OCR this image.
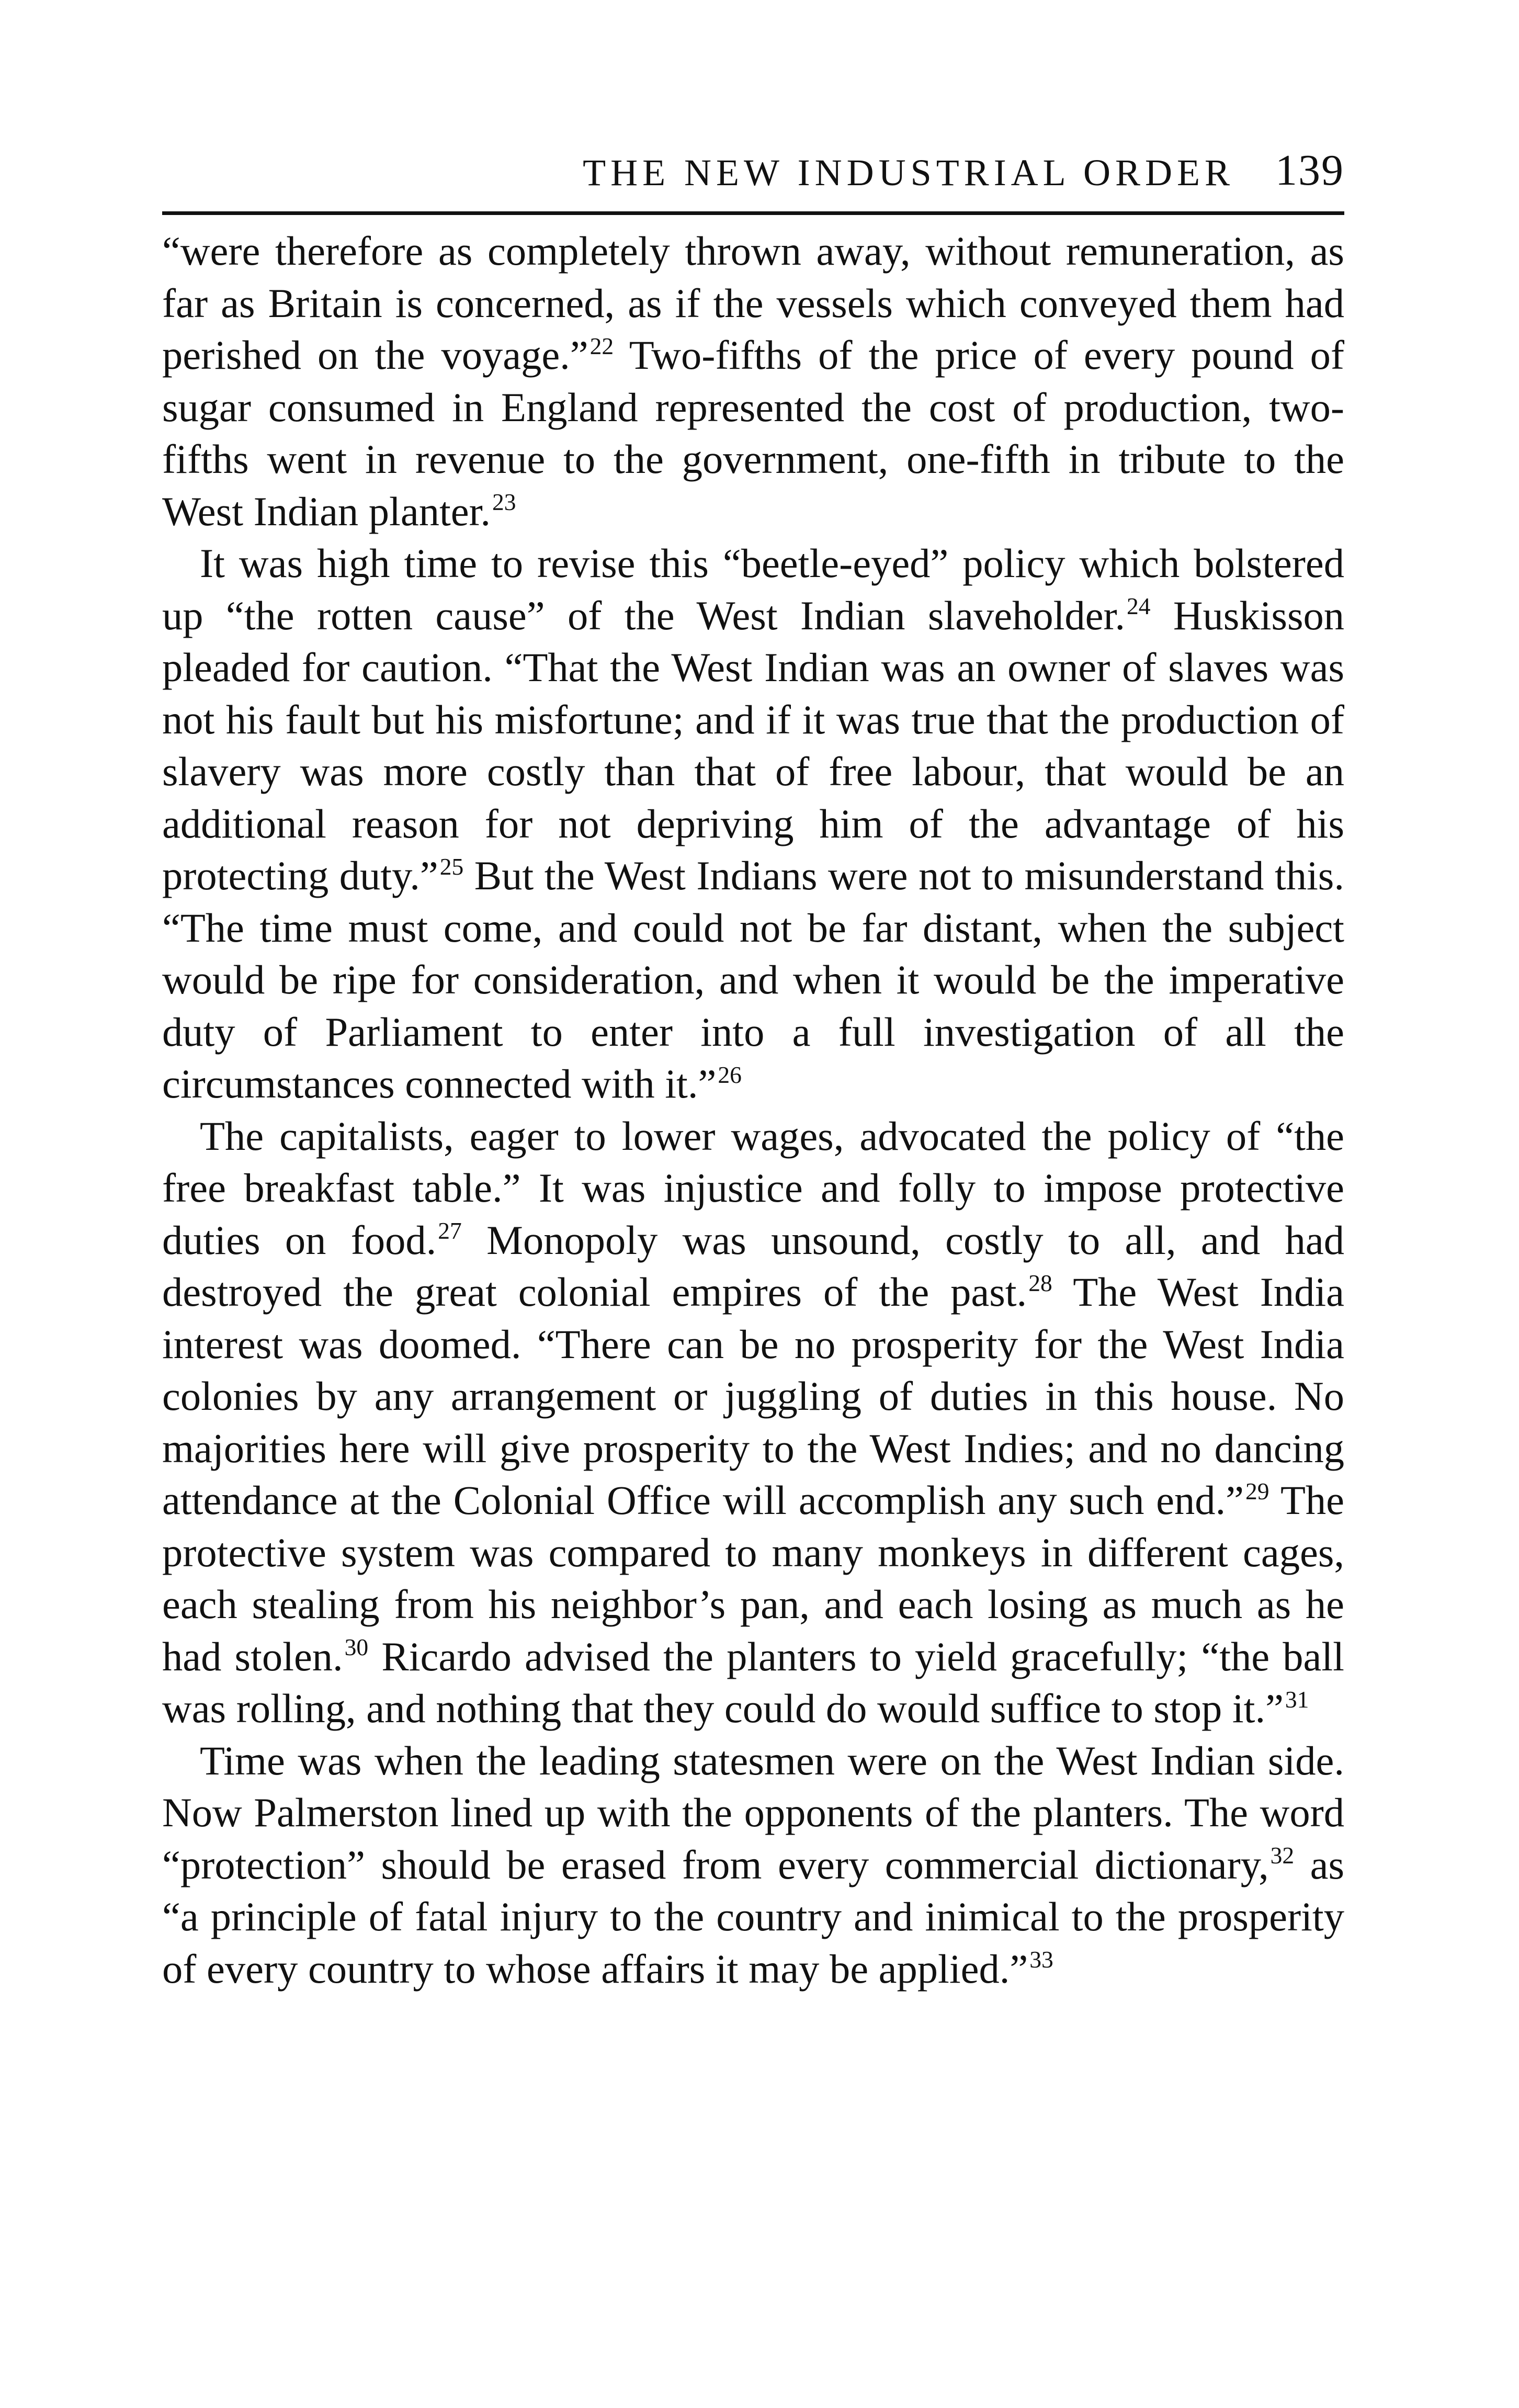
THE NEW INDUSTRIAL ORDER 139

“were therefore as completely thrown away, without remuneration, as far as Britain is concerned, as if the vessels which conveyed them had perished on the voyage.”$^{22}$ Two-fifths of the price of every pound of sugar consumed in England represented the cost of production, two-fifths went in revenue to the government, one-fifth in tribute to the West Indian planter.$^{23}$

It was high time to revise this “beetle-eyed” policy which bolstered up “the rotten cause” of the West Indian slaveholder.$^{24}$ Huskisson pleaded for caution. “That the West Indian was an owner of slaves was not his fault but his misfortune; and if it was true that the production of slavery was more costly than that of free labour, that would be an additional reason for not depriving him of the advantage of his protecting duty.”$^{25}$ But the West Indians were not to misunderstand this. “The time must come, and could not be far distant, when the subject would be ripe for consideration, and when it would be the imperative duty of Parliament to enter into a full investigation of all the circumstances connected with it.”$^{26}$

The capitalists, eager to lower wages, advocated the policy of “the free breakfast table.” It was injustice and folly to impose protective duties on food.$^{27}$ Monopoly was unsound, costly to all, and had destroyed the great colonial empires of the past.$^{28}$ The West India interest was doomed. “There can be no prosperity for the West India colonies by any arrangement or juggling of duties in this house. No majorities here will give prosperity to the West Indies; and no dancing attendance at the Colonial Office will accomplish any such end.”$^{29}$ The protective system was compared to many monkeys in different cages, each stealing from his neighbor’s pan, and each losing as much as he had stolen.$^{30}$ Ricardo advised the planters to yield gracefully; “the ball was rolling, and nothing that they could do would suffice to stop it.”$^{31}$

Time was when the leading statesmen were on the West Indian side. Now Palmerston lined up with the opponents of the planters. The word “protection” should be erased from every commercial dictionary,$^{32}$ as “a principle of fatal injury to the country and inimical to the prosperity of every country to whose affairs it may be applied.”$^{33}$
